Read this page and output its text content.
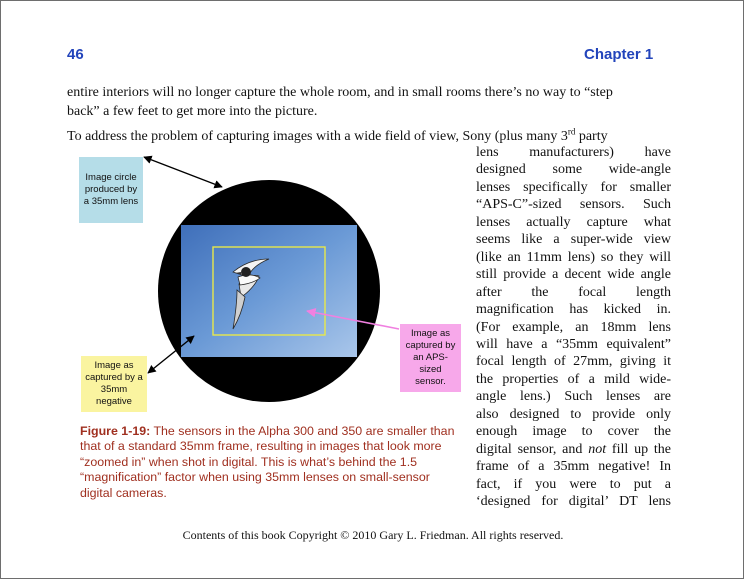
46	Chapter 1
entire interiors will no longer capture the whole room, and in small rooms there’s no way to “step
back” a few feet to get more into the picture.
To address the problem of capturing images with a wide field of view, Sony (plus many 3rd party
lens manufacturers) have
designed some wide-angle
lenses specifically for smaller
“APS-C”-sized sensors. Such
lenses actually capture what
seems like a super-wide view
(like an 11mm lens) so they will
still provide a decent wide angle
after the focal length
magnification has kicked in.
(For example, an 18mm lens
will have a “35mm equivalent”
focal length of 27mm, giving it
the properties of a mild wide-
angle lens.) Such lenses are
also designed to provide only
enough image to cover the
digital sensor, and not fill up the
frame of a 35mm negative! In
fact, if you were to put a
‘designed for digital’ DT lens
Image circle produced by a 35mm lens
Image as captured by a 35mm negative
Image as captured by an APS-sized sensor.
Figure 1-19: The sensors in the Alpha 300 and 350 are smaller than that of a standard 35mm frame, resulting in images that look more “zoomed in” when shot in digital. This is what’s behind the 1.5 “magnification” factor when using 35mm lenses on small-sensor digital cameras.
Contents of this book Copyright © 2010 Gary L. Friedman. All rights reserved.
